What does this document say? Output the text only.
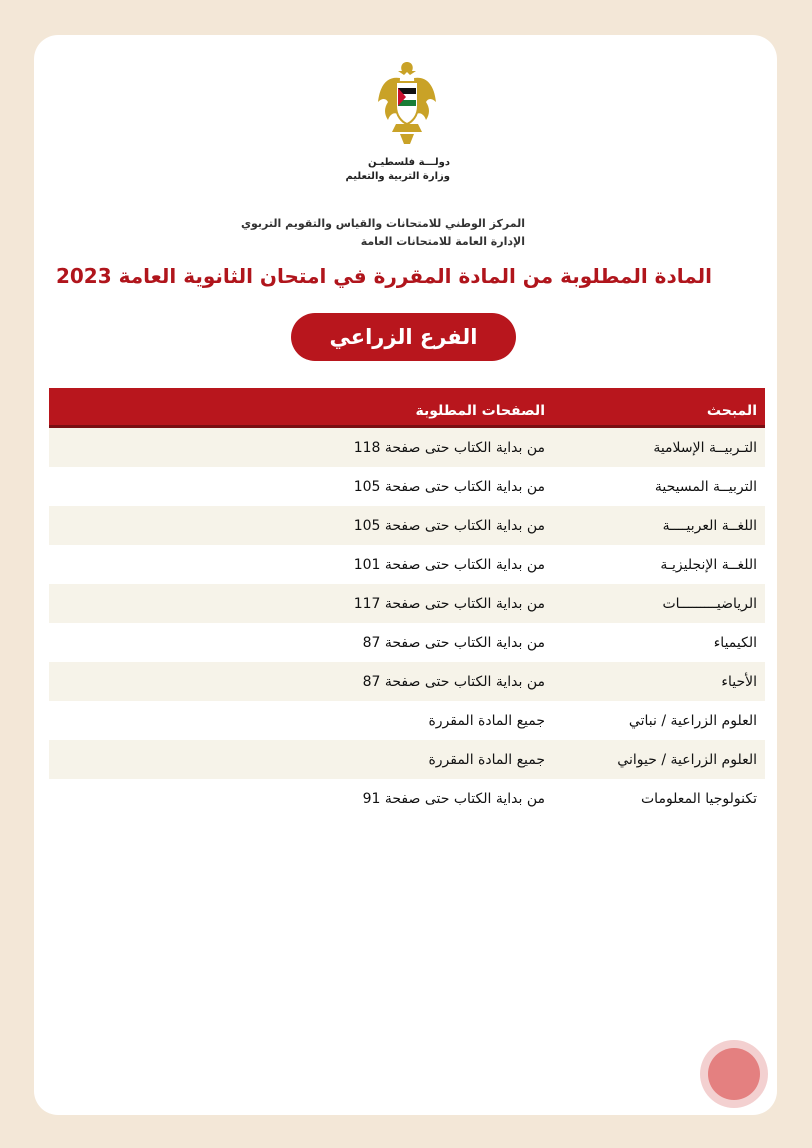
دولـــة فلسطيـن
وزارة التربية والتعليم
المركز الوطني للامتحانات والقياس والتقويم التربوي
الإدارة العامة للامتحانات العامة
المادة المطلوبة من المادة المقررة في امتحان الثانوية العامة 2023
الفرع الزراعي
المبحث
الصفحات المطلوبة
التـربيــة الإسلامية
من بداية الكتاب حتى صفحة 118
التربيــة المسيحية
من بداية الكتاب حتى صفحة 105
اللغــة العربيــــة
من بداية الكتاب حتى صفحة 105
اللغــة الإنجليزيـة
من بداية الكتاب حتى صفحة 101
الرياضيـــــــــات
من بداية الكتاب حتى صفحة 117
الكيمياء
من بداية الكتاب حتى صفحة 87
الأحياء
من بداية الكتاب حتى صفحة 87
العلوم الزراعية / نباتي
جميع المادة المقررة
العلوم الزراعية / حيواني
جميع المادة المقررة
تكنولوجيا المعلومات
من بداية الكتاب حتى صفحة 91
